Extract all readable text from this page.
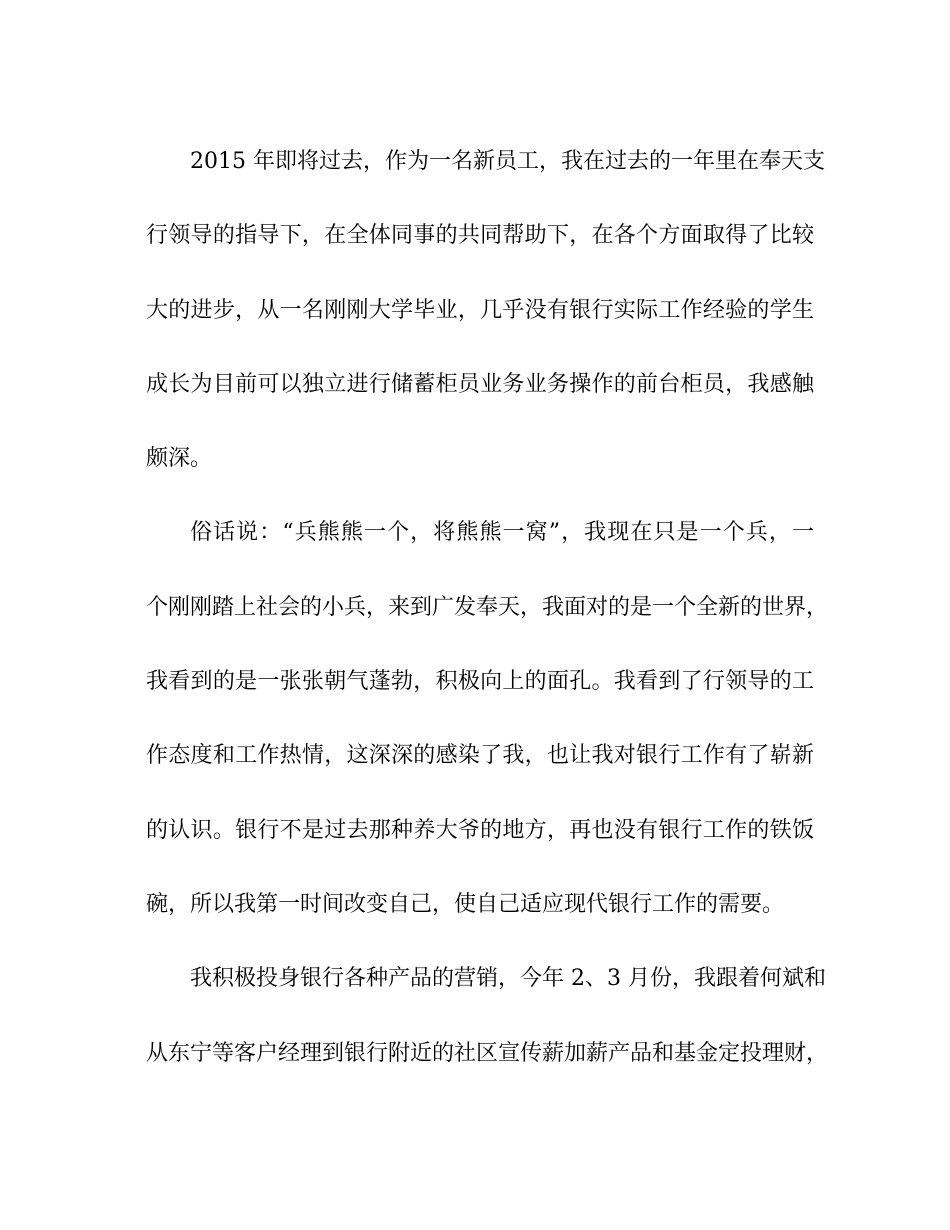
2015 年即将过去，作为一名新员工，我在过去的一年里在奉天支
行领导的指导下，在全体同事的共同帮助下，在各个方面取得了比较
大的进步，从一名刚刚大学毕业，几乎没有银行实际工作经验的学生
成长为目前可以独立进行储蓄柜员业务业务操作的前台柜员，我感触
颇深。
俗话说：“兵熊熊一个，将熊熊一窝”，我现在只是一个兵，一
个刚刚踏上社会的小兵，来到广发奉天，我面对的是一个全新的世界，
我看到的是一张张朝气蓬勃，积极向上的面孔。我看到了行领导的工
作态度和工作热情，这深深的感染了我，也让我对银行工作有了崭新
的认识。银行不是过去那种养大爷的地方，再也没有银行工作的铁饭
碗，所以我第一时间改变自己，使自己适应现代银行工作的需要。
我积极投身银行各种产品的营销，今年 2、3 月份，我跟着何斌和
从东宁等客户经理到银行附近的社区宣传薪加薪产品和基金定投理财，
